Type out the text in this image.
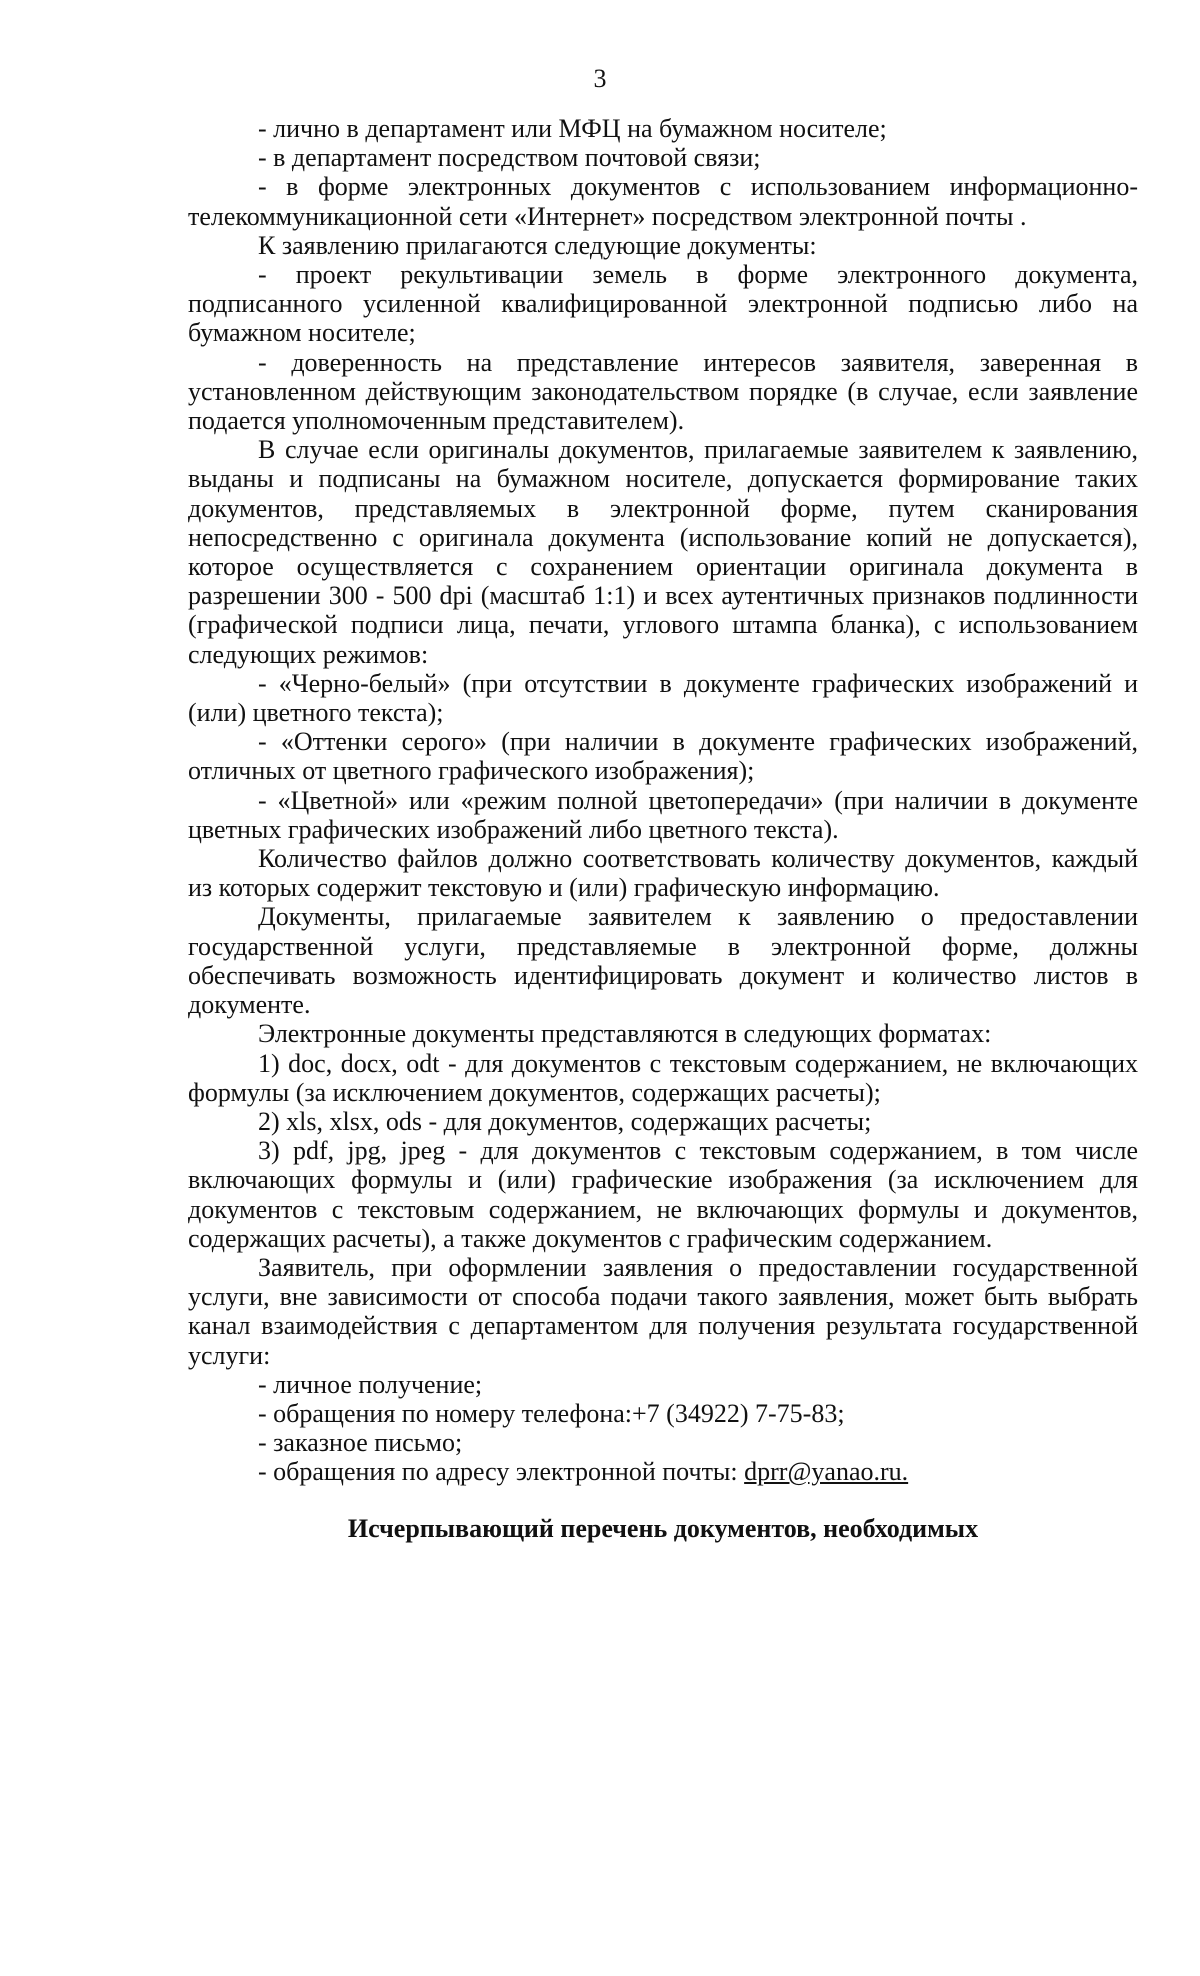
3

- лично в департамент или МФЦ на бумажном носителе;

- в департамент посредством почтовой связи;

- в форме электронных документов с использованием информационно-телекоммуникационной сети «Интернет» посредством электронной почты .

К заявлению прилагаются следующие документы:

- проект рекультивации земель в форме электронного документа, подписанного усиленной квалифицированной электронной подписью либо на бумажном носителе;

- доверенность на представление интересов заявителя, заверенная в установленном действующим законодательством порядке (в случае, если заявление подается уполномоченным представителем).

В случае если оригиналы документов, прилагаемые заявителем к заявлению, выданы и подписаны на бумажном носителе, допускается формирование таких документов, представляемых в электронной форме, путем сканирования непосредственно с оригинала документа (использование копий не допускается), которое осуществляется с сохранением ориентации оригинала документа в разрешении 300 - 500 dpi (масштаб 1:1) и всех аутентичных признаков подлинности (графической подписи лица, печати, углового штампа бланка), с использованием следующих режимов:

- «Черно-белый» (при отсутствии в документе графических изображений и (или) цветного текста);

- «Оттенки серого» (при наличии в документе графических изображений, отличных от цветного графического изображения);

- «Цветной» или «режим полной цветопередачи» (при наличии в документе цветных графических изображений либо цветного текста).

Количество файлов должно соответствовать количеству документов, каждый из которых содержит текстовую и (или) графическую информацию.

Документы, прилагаемые заявителем к заявлению о предоставлении государственной услуги, представляемые в электронной форме, должны обеспечивать возможность идентифицировать документ и количество листов в документе.

Электронные документы представляются в следующих форматах:

1) doc, docx, odt - для документов с текстовым содержанием, не включающих формулы (за исключением документов, содержащих расчеты);

2) xls, xlsx, ods - для документов, содержащих расчеты;

3) pdf, jpg, jpeg - для документов с текстовым содержанием, в том числе включающих формулы и (или) графические изображения (за исключением для документов с текстовым содержанием, не включающих формулы и документов, содержащих расчеты), а также документов с графическим содержанием.

Заявитель, при оформлении заявления о предоставлении государственной услуги, вне зависимости от способа подачи такого заявления, может быть выбрать канал взаимодействия с департаментом для получения результата государственной услуги:

- личное получение;

- обращения по номеру телефона:+7 (34922) 7-75-83;

- заказное письмо;

- обращения по адресу электронной почты: dprr@yanao.ru.

Исчерпывающий перечень документов, необходимых
